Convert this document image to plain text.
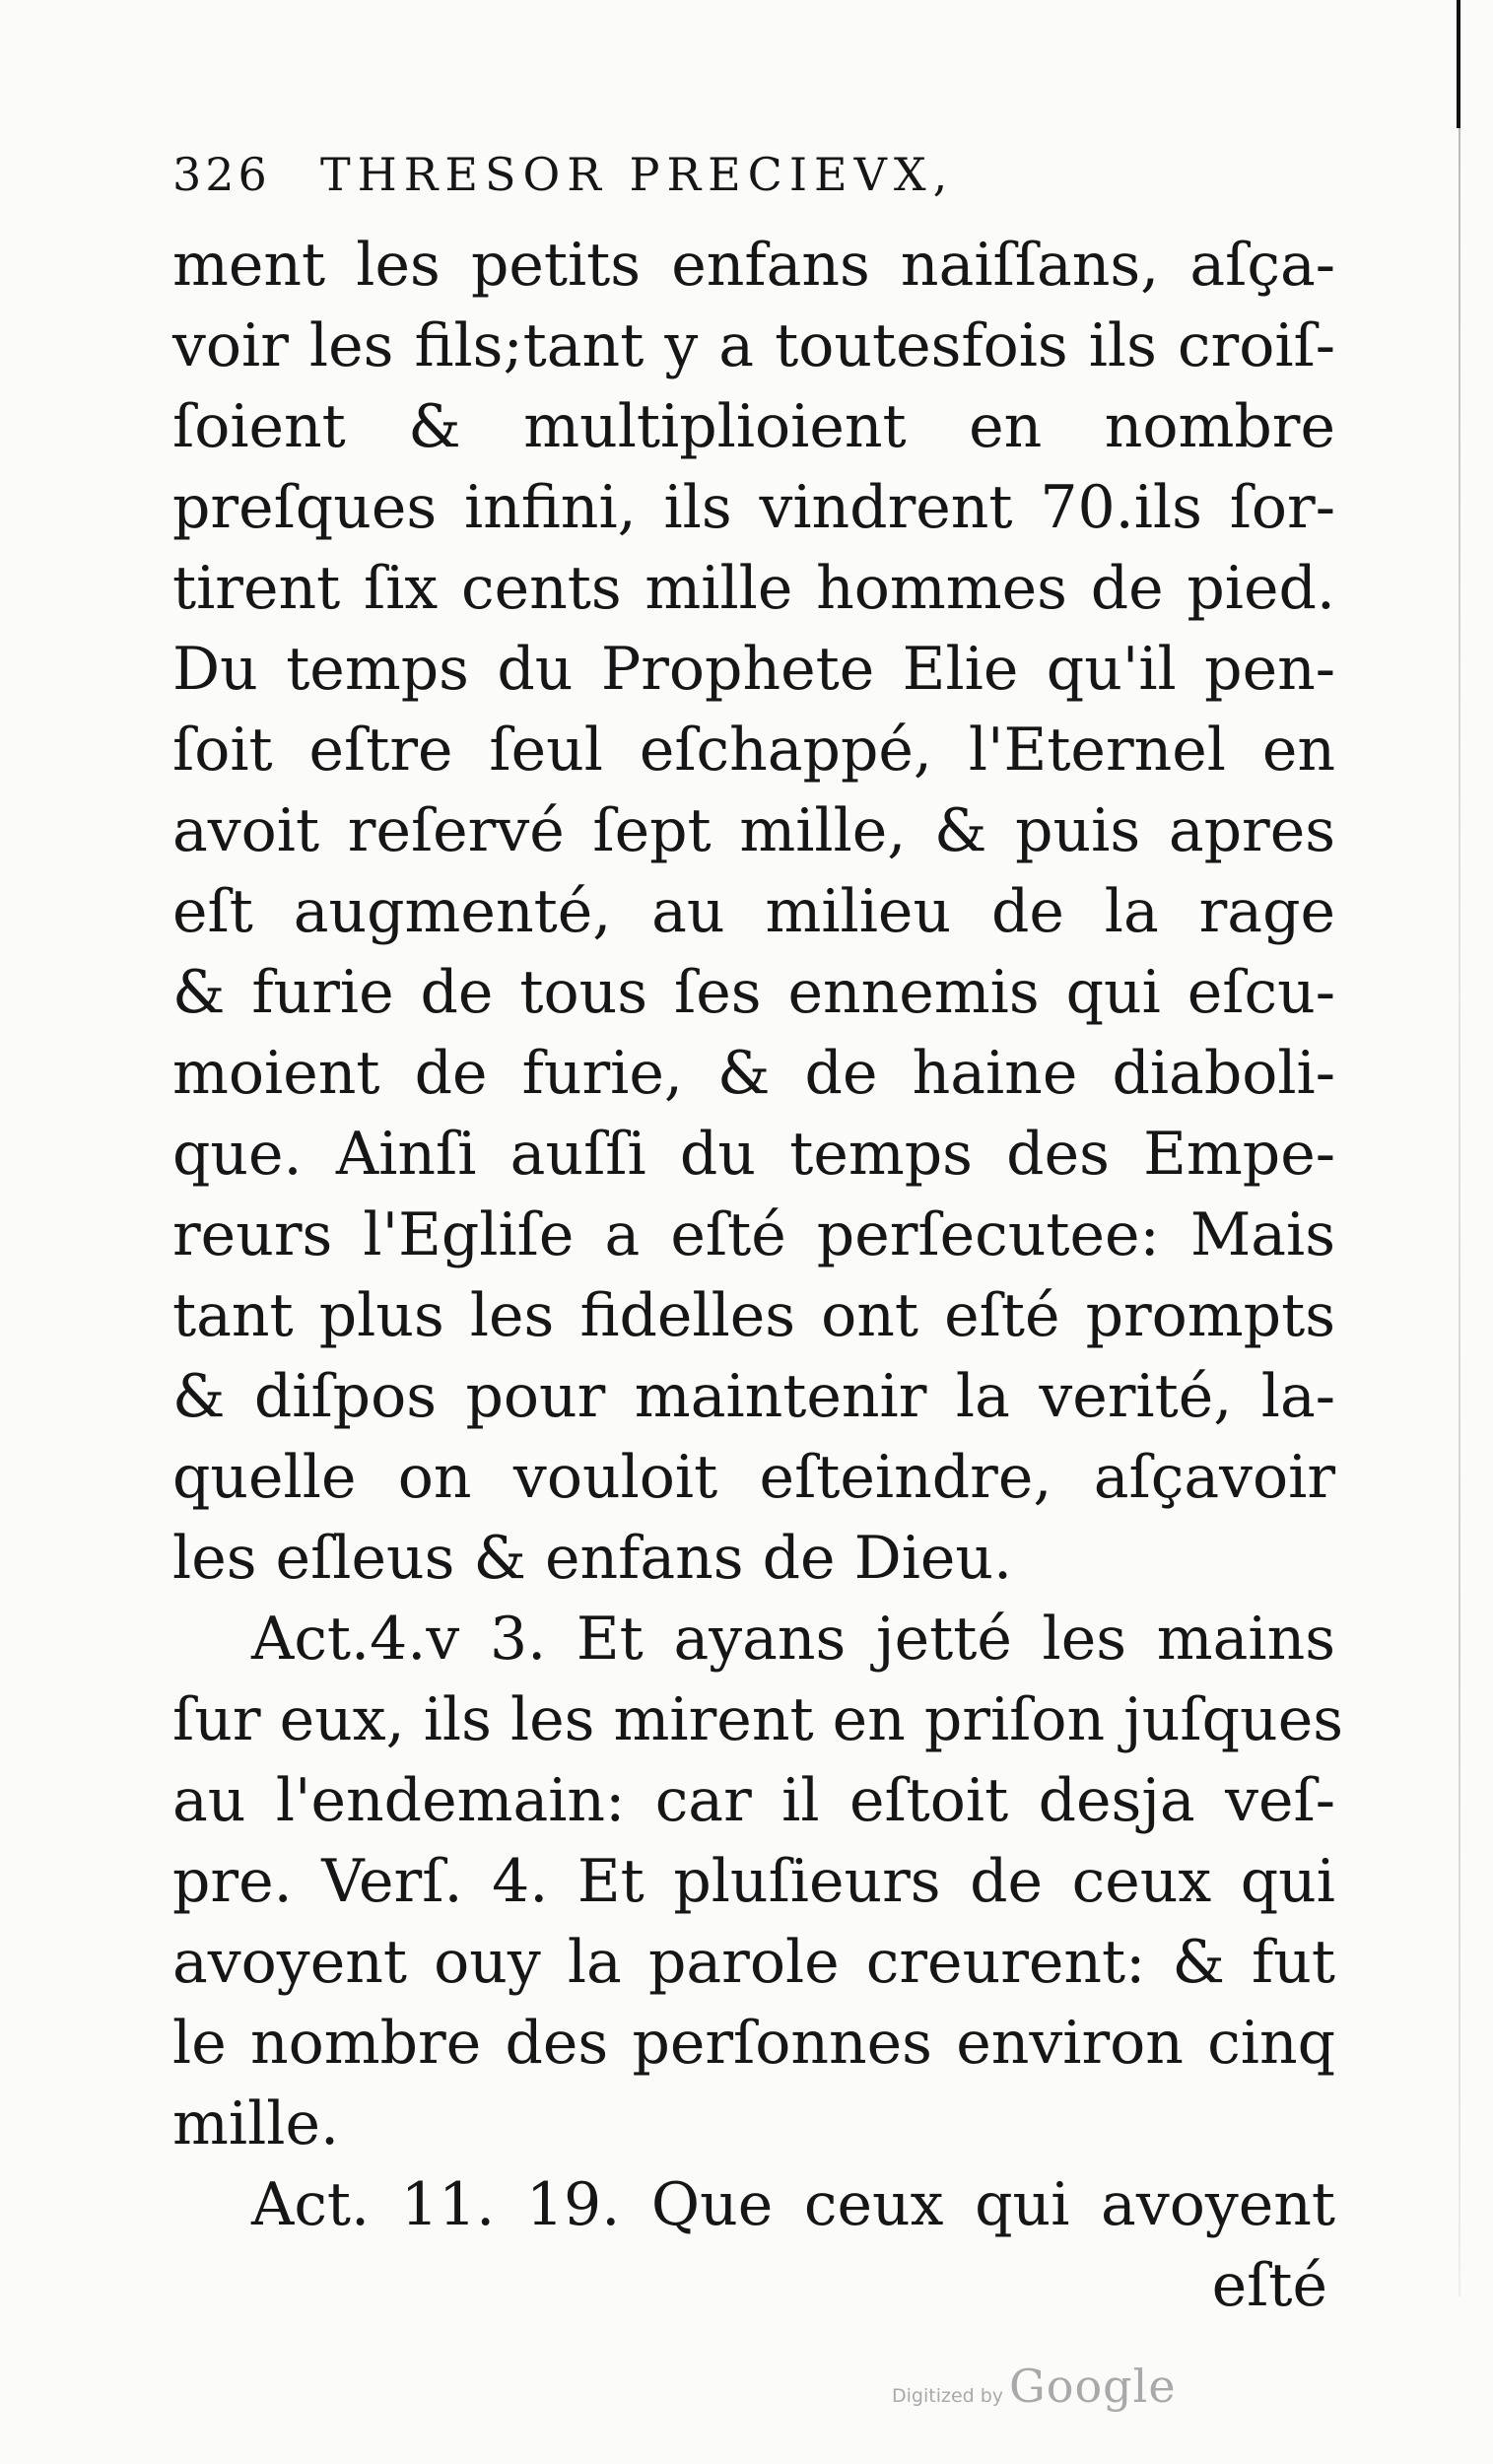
326	THRESOR PRECIEVX,
ment les petits enfans naiſſans, aſça-
voir les fils;tant y a toutesfois ils croiſ-
ſoient & multiplioient en nombre
preſques infini, ils vindrent 70.ils ſor-
tirent ſix cents mille hommes de pied.
Du temps du Prophete Elie qu'il pen-
ſoit eſtre ſeul eſchappé, l'Eternel en
avoit reſervé ſept mille, & puis apres
eſt augmenté, au milieu de la rage
& furie de tous ſes ennemis qui eſcu-
moient de furie, & de haine diaboli-
que. Ainſi auſſi du temps des Empe-
reurs l'Egliſe a eſté perſecutee: Mais
tant plus les fidelles ont eſté prompts
& diſpos pour maintenir la verité, la-
quelle on vouloit eſteindre, aſçavoir
les eſleus & enfans de Dieu.
Act.4.v 3. Et ayans jetté les mains
ſur eux, ils les mirent en priſon juſques
au l'endemain: car il eſtoit desja veſ-
pre. Verſ. 4. Et pluſieurs de ceux qui
avoyent ouy la parole creurent: & fut
le nombre des perſonnes environ cinq
mille.
Act. 11. 19. Que ceux qui avoyent
eſté
Digitized by Google
